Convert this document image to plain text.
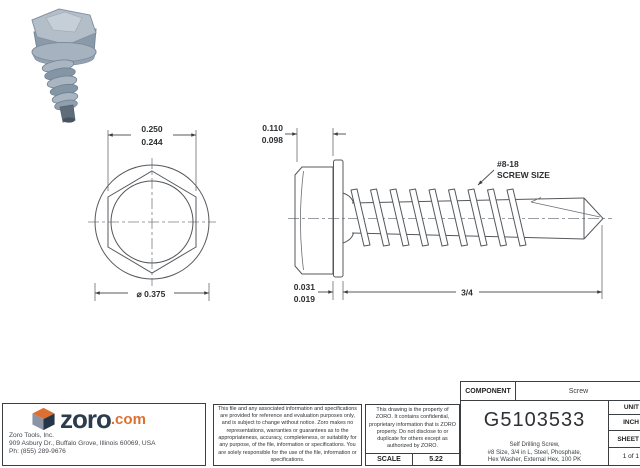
0.250
0.244
⌀ 0.375
0.110
0.098
0.031
0.019
3/4
#8-18
SCREW SIZE
zoro .com
Zoro Tools, Inc.
909 Asbury Dr., Buffalo Grove, Illinois 60069, USA
Ph: (855) 289-9676

This file and any associated information and specifications are provided for reference and evaluation purposes only, and is subject to change without notice. Zoro makes no representations, warranties or guarantees as to the appropriateness, accuracy, completeness, or suitability for any purpose, of the file, information or specifications. You are solely responsible for the use of the file, information or specifications.

This drawing is the property of ZORO. It contains confidential, proprietary information that is ZORO property. Do not disclose to or duplicate for others except as authorized by ZORO.

SCALE	5.22
COMPONENT	Screw
G5103533
Self Drilling Screw,
#8 Size, 3/4 in L, Steel, Phosphate,
Hex Washer, External Hex, 100 PK
UNIT
INCH
SHEET
1 of 1
